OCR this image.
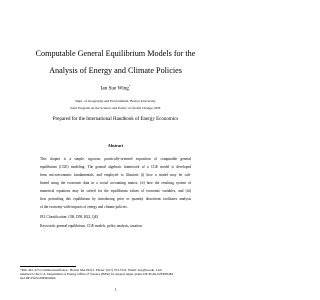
Computable General Equilibrium Models for the
Analysis of Energy and Climate Policies
Ian Sue Wing*
Dept. of Geography and Environment, Boston University
Joint Program on the Science and Policy of Global Change, MIT
Prepared for the International Handbook of Energy Economics
Abstract
This chapter is a simple, rigorous, practically-oriented exposition of computable general
equilibrium (CGE) modeling. The general algebraic framework of a CGE model is developed
from microeconomic fundamentals, and employed to illustrate (i) how a model may be cali-
brated using the economic data in a social accounting matrix, (ii) how the resulting system of
numerical equations may be solved for the equilibrium values of economic variables, and (iii)
how perturbing this equilibrium by introducing price or quantity distortions facilitates analysis
of the economy-wide impacts of energy and climate policies.
JEL Classification: C68, D58, H22, Q43
Keywords: general equilibrium, CGE models, policy analysis, taxation
*Rm. 461, 675 Commonwealth Ave., Boston MA 02215. Phone: (617) 353-5741. Email: isw@bu.edu. I am
indebted to the U.S. Department of Energy Office of Science (BER) for support under grants DE-FG02-02ER63484
and DE-FG02-06ER64204.
1
